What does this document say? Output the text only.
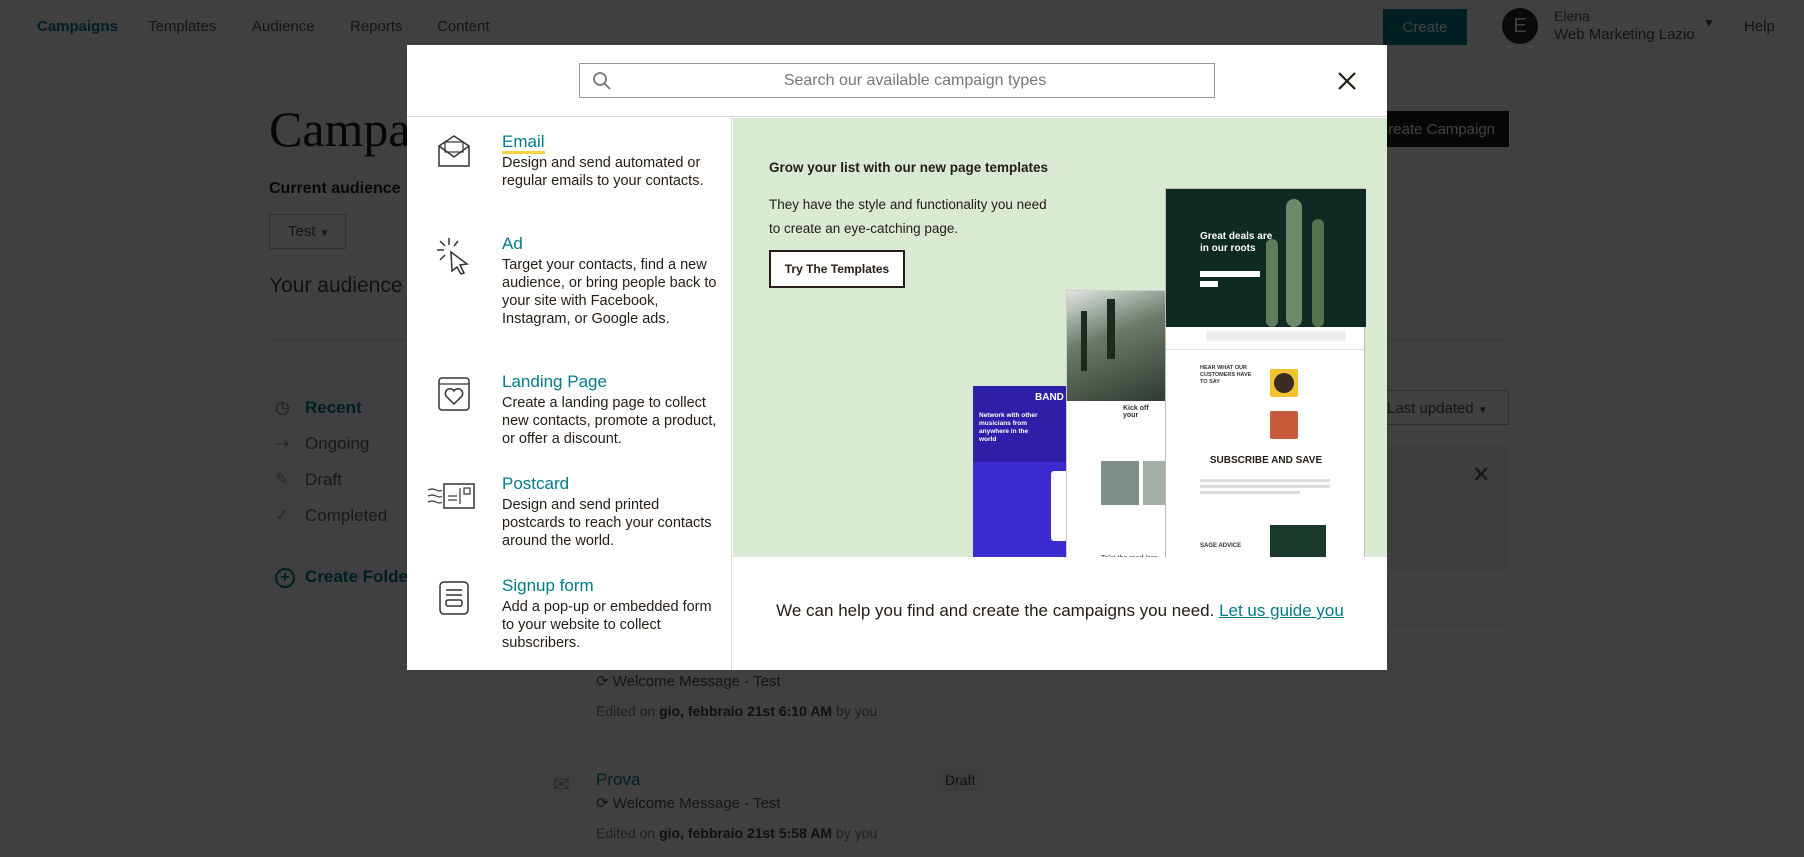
Search our available campaign types
Email
Design and send automated or regular emails to your contacts.
Ad
Target your contacts, find a new audience, or bring people back to your site with Facebook, Instagram, or Google ads.
Landing Page
Create a landing page to collect new contacts, promote a product, or offer a discount.
Postcard
Design and send printed postcards to reach your contacts around the world.
Signup form
Add a pop-up or embedded form to your website to collect subscribers.
Grow your list with our new page templates
They have the style and functionality you need to create an eye-catching page.
Try The Templates
BAND
Network with other musicians from anywhere in the world
Kick off your
Great deals are in our roots
HEAR WHAT OUR CUSTOMERS HAVE TO SAY
SUBSCRIBE AND SAVE
SAGE ADVICE
We can help you find and create the campaigns you need. Let us guide you
